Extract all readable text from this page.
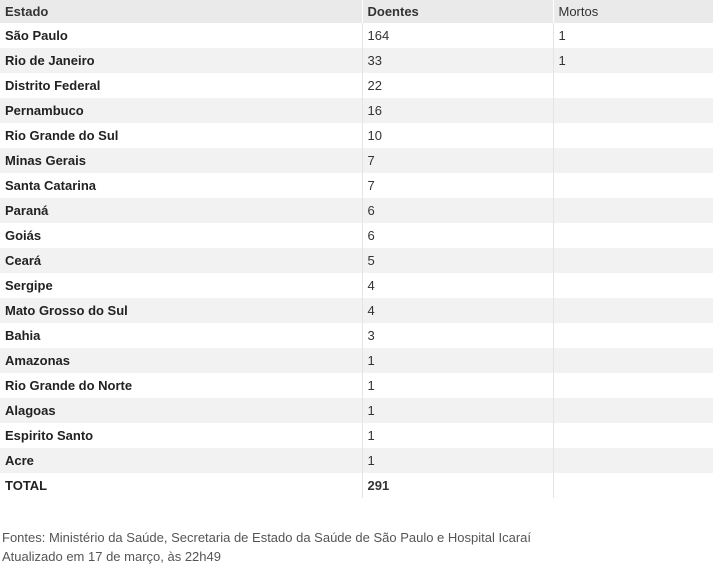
Estado	Doentes	Mortos
São Paulo	164	1
Rio de Janeiro	33	1
Distrito Federal	22	
Pernambuco	16	
Rio Grande do Sul	10	
Minas Gerais	7	
Santa Catarina	7	
Paraná	6	
Goiás	6	
Ceará	5	
Sergipe	4	
Mato Grosso do Sul	4	
Bahia	3	
Amazonas	1	
Rio Grande do Norte	1	
Alagoas	1	
Espirito Santo	1	
Acre	1	
TOTAL	291	
Fontes: Ministério da Saúde, Secretaria de Estado da Saúde de São Paulo e Hospital Icaraí
Atualizado em 17 de março, às 22h49
